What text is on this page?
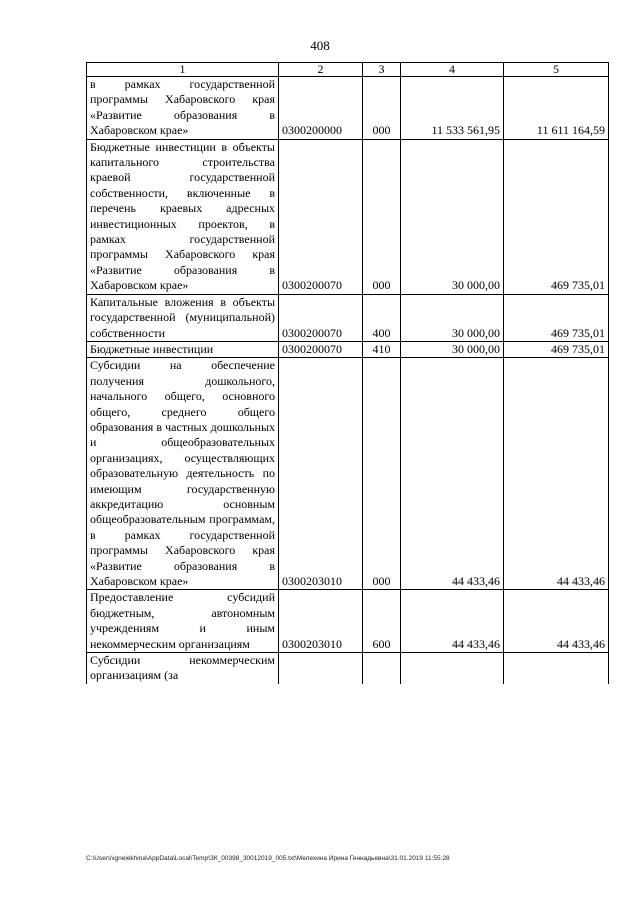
408
1	2	3	4	5
в рамках государственной программы Хабаровского края «Развитие образования в Хабаровском крае»	0300200000	000	11 533 561,95	11 611 164,59
Бюджетные инвестиции в объекты капитального строительства краевой государственной собственности, включенные в перечень краевых адресных инвестиционных проектов, в рамках государственной программы Хабаровского края «Развитие образования в Хабаровском крае»	0300200070	000	30 000,00	469 735,01
Капитальные вложения в объекты государственной (муниципальной) собственности	0300200070	400	30 000,00	469 735,01
Бюджетные инвестиции	0300200070	410	30 000,00	469 735,01
Субсидии на обеспечение получения дошкольного, начального общего, основного общего, среднего общего образования в частных дошкольных и общеобразовательных организациях, осуществляющих образовательную деятельность по имеющим государственную аккредитацию основным общеобразовательным программам, в рамках государственной программы Хабаровского края «Развитие образования в Хабаровском крае»	0300203010	000	44 433,46	44 433,46
Предоставление субсидий бюджетным, автономным учреждениям и иным некоммерческим организациям	0300203010	600	44 433,46	44 433,46
Субсидии некоммерческим организациям (за				
C:\Users\ignelekhina\AppData\Local\Temp\ЗК_00398_30012019_005.txt\Мелехина Ирина Геннадьевна\31.01.2019 11:55:28
